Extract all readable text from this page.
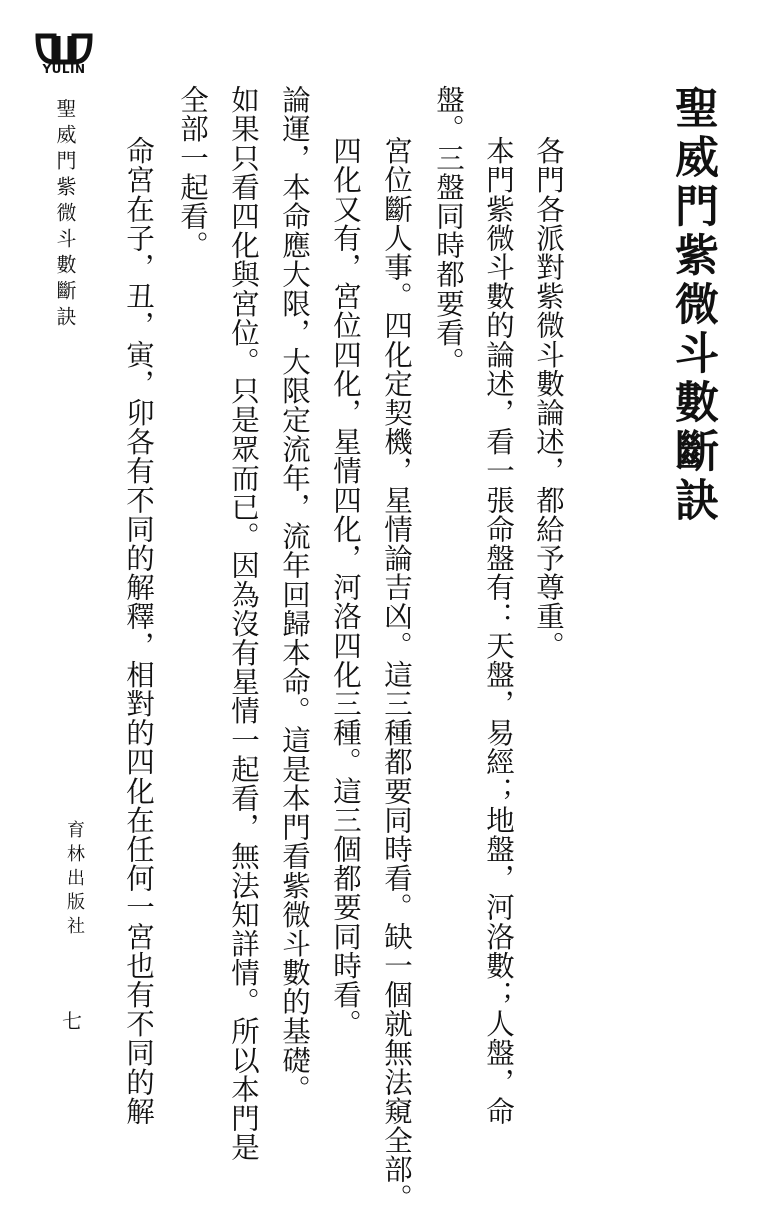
YULIN
聖威門紫微斗數斷訣	聖威門紫微斗數斷訣
各門各派對紫微斗數論述，都給予尊重。
本門紫微斗數的論述，看一張命盤有：天盤，易經；地盤，河洛數；人盤，命
盤。三盤同時都要看。
宮位斷人事。四化定契機，星情論吉凶。這三種都要同時看。缺一個就無法窺全部。
四化又有，宮位四化，星情四化，河洛四化三種。這三個都要同時看。
論運，本命應大限，大限定流年，流年回歸本命。這是本門看紫微斗數的基礎。
如果只看四化與宮位。只是眾而已。因為沒有星情一起看，無法知詳情。所以本門是
全部一起看。
命宮在子，丑，寅，卯各有不同的解釋，相對的四化在任何一宮也有不同的解
育林出版社
七
